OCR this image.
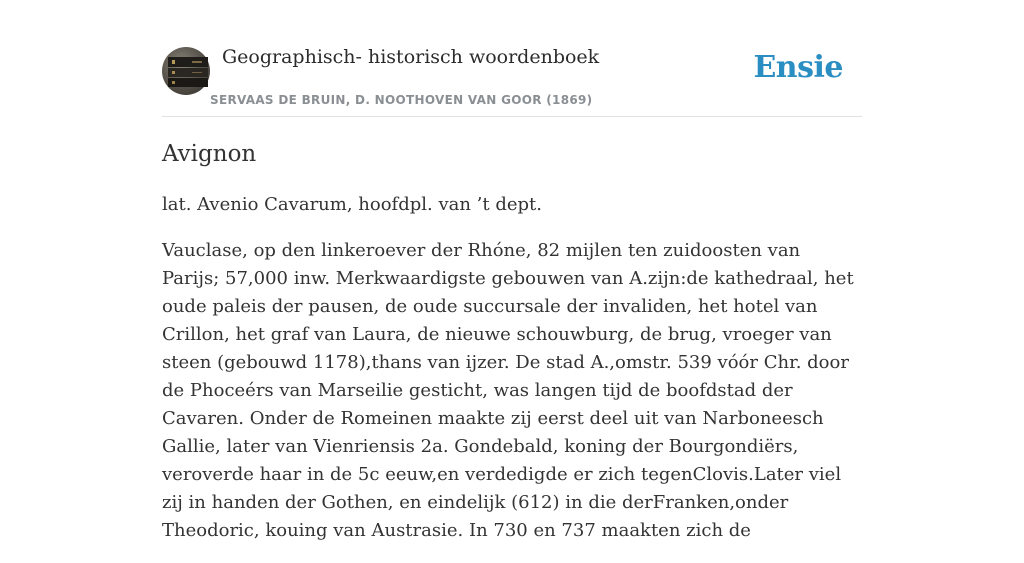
Geographisch- historisch woordenboek
SERVAAS DE BRUIN, D. NOOTHOVEN VAN GOOR (1869)
Ensie
Avignon

lat. Avenio Cavarum, hoofdpl. van ’t dept.

Vauclase, op den linkeroever der Rhóne, 82 mijlen ten zuidoosten van Parijs; 57,000 inw. Merkwaardigste gebouwen van A.zijn:de kathedraal, het oude paleis der pausen, de oude succursale der invaliden, het hotel van Crillon, het graf van Laura, de nieuwe schouwburg, de brug, vroeger van steen (gebouwd 1178),thans van ijzer. De stad A.,omstr. 539 vóór Chr. door de Phoceérs van Marseilie gesticht, was langen tijd de boofdstad der Cavaren. Onder de Romeinen maakte zij eerst deel uit van Narboneesch Gallie, later van Vienriensis 2a. Gondebald, koning der Bourgondiërs, veroverde haar in de 5c eeuw,en verdedigde er zich tegenClovis.Later viel zij in handen der Gothen, en eindelijk (612) in die derFranken,onder Theodoric, kouing van Austrasie. In 730 en 737 maakten zich de
